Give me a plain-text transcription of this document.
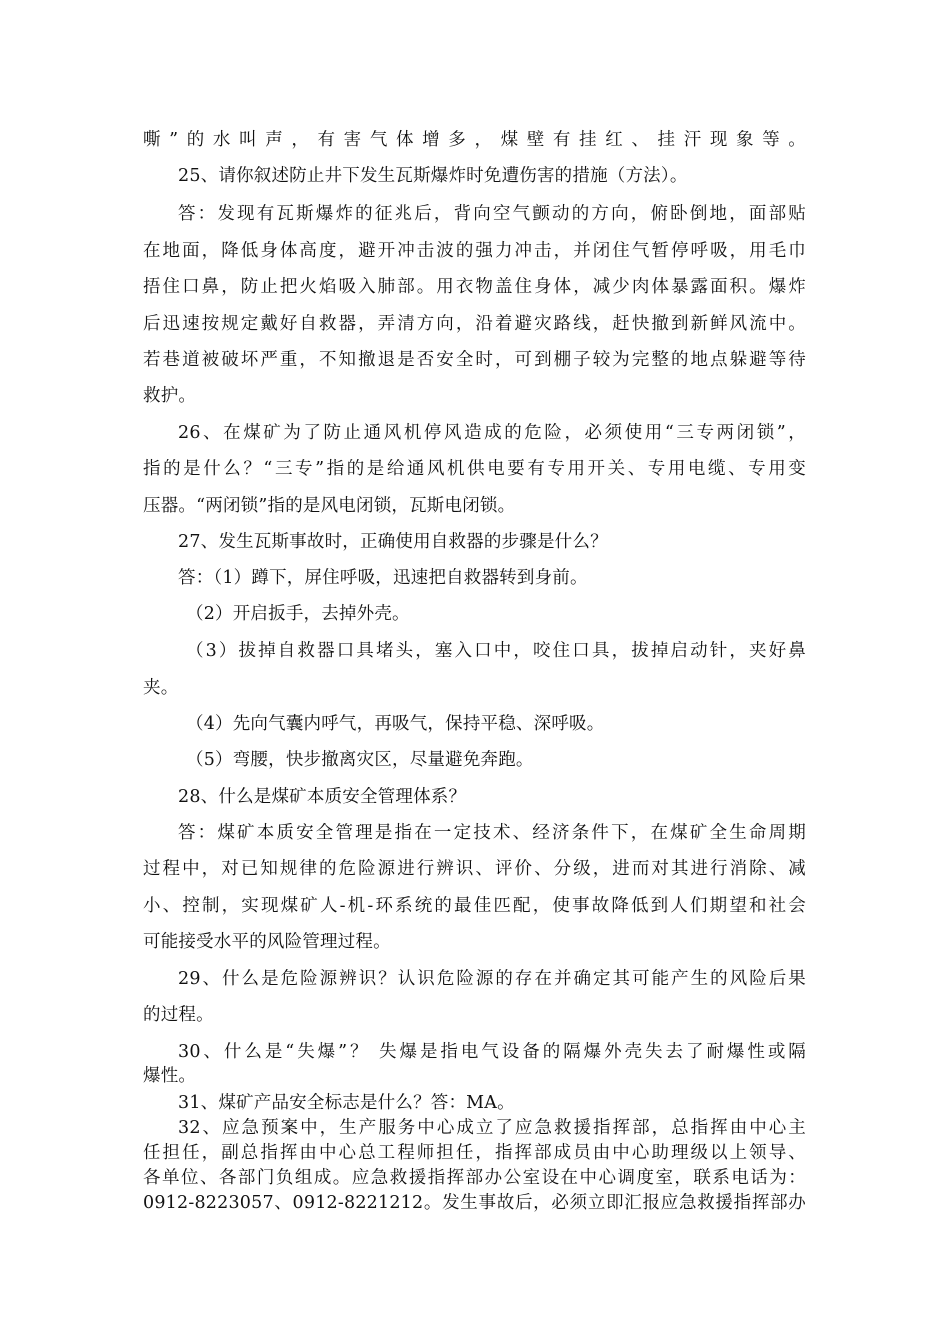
嘶”的水叫声，有害气体增多，煤壁有挂红、挂汗现象等。
25、请你叙述防止井下发生瓦斯爆炸时免遭伤害的措施（方法）。
答：发现有瓦斯爆炸的征兆后，背向空气颤动的方向，俯卧倒地，面部贴
在地面，降低身体高度，避开冲击波的强力冲击，并闭住气暂停呼吸，用毛巾
捂住口鼻，防止把火焰吸入肺部。用衣物盖住身体，减少肉体暴露面积。爆炸
后迅速按规定戴好自救器，弄清方向，沿着避灾路线，赶快撤到新鲜风流中。
若巷道被破坏严重，不知撤退是否安全时，可到棚子较为完整的地点躲避等待
救护。
26、在煤矿为了防止通风机停风造成的危险，必须使用“三专两闭锁”，
指的是什么？“三专”指的是给通风机供电要有专用开关、专用电缆、专用变
压器。“两闭锁”指的是风电闭锁，瓦斯电闭锁。
27、发生瓦斯事故时，正确使用自救器的步骤是什么？
答：（1）蹲下，屏住呼吸，迅速把自救器转到身前。
（2）开启扳手，去掉外壳。
（3）拔掉自救器口具堵头，塞入口中，咬住口具，拔掉启动针，夹好鼻
夹。
（4）先向气囊内呼气，再吸气，保持平稳、深呼吸。
（5）弯腰，快步撤离灾区，尽量避免奔跑。
28、什么是煤矿本质安全管理体系？
答：煤矿本质安全管理是指在一定技术、经济条件下，在煤矿全生命周期
过程中，对已知规律的危险源进行辨识、评价、分级，进而对其进行消除、减
小、控制，实现煤矿人-机-环系统的最佳匹配，使事故降低到人们期望和社会
可能接受水平的风险管理过程。
29、什么是危险源辨识？认识危险源的存在并确定其可能产生的风险后果
的过程。
30、什么是“失爆”？ 失爆是指电气设备的隔爆外壳失去了耐爆性或隔
爆性。
31、煤矿产品安全标志是什么？答：MA。
32、应急预案中，生产服务中心成立了应急救援指挥部，总指挥由中心主
任担任，副总指挥由中心总工程师担任，指挥部成员由中心助理级以上领导、
各单位、各部门负组成。应急救援指挥部办公室设在中心调度室，联系电话为：
0912-8223057、0912-8221212。发生事故后，必须立即汇报应急救援指挥部办
